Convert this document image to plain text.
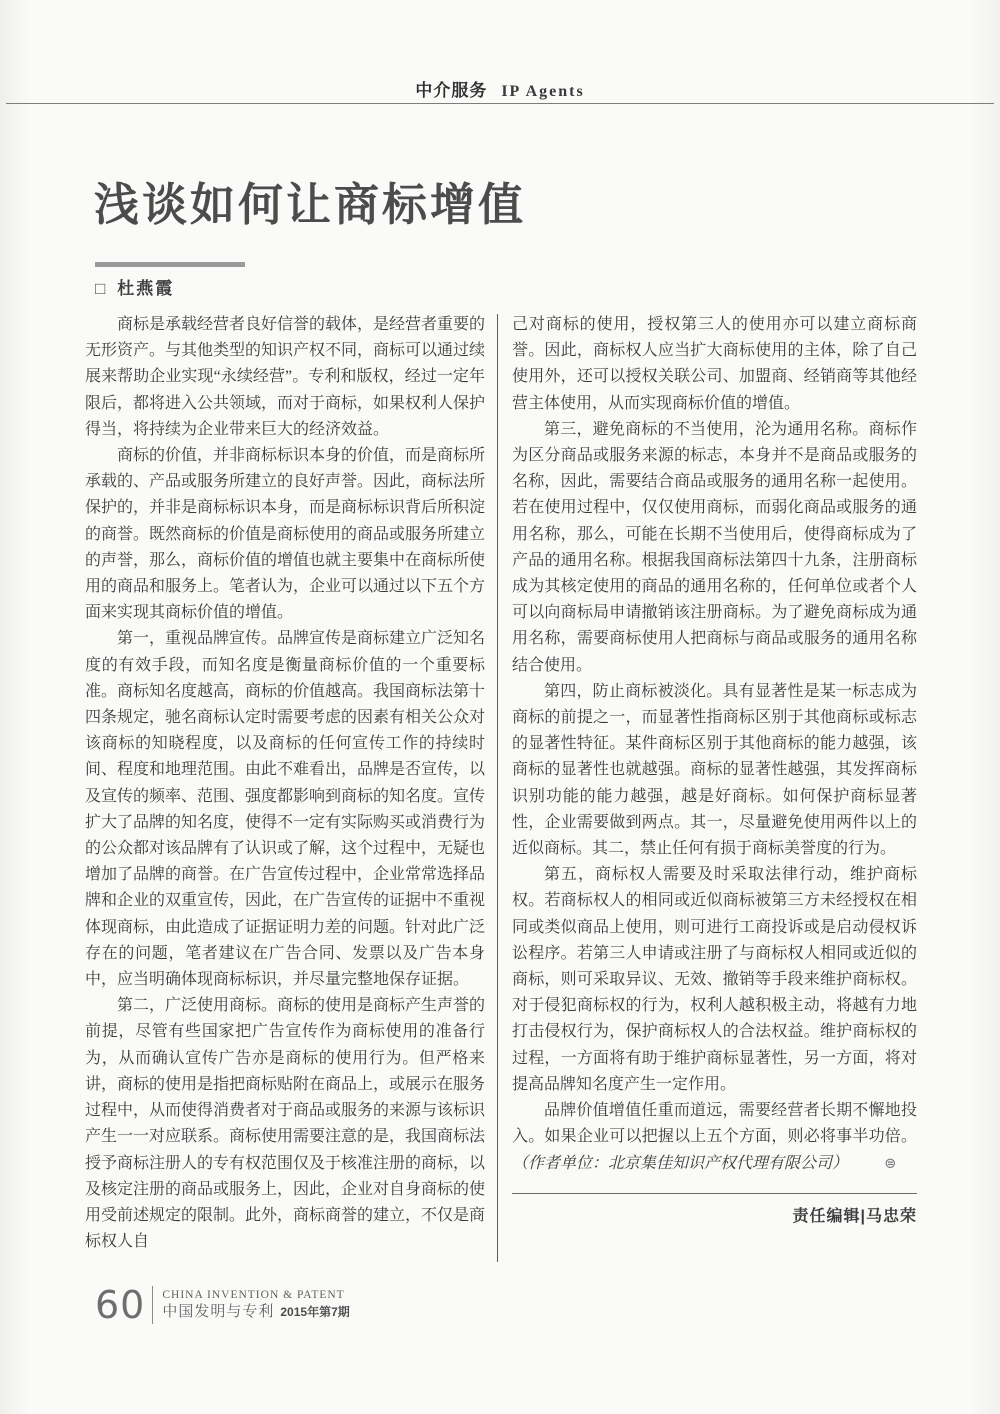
中介服务 IP Agents
浅谈如何让商标增值
□ 杜燕霞

商标是承载经营者良好信誉的载体，是经营者重要的无形资产。与其他类型的知识产权不同，商标可以通过续展来帮助企业实现“永续经营”。专利和版权，经过一定年限后，都将进入公共领域，而对于商标，如果权利人保护得当，将持续为企业带来巨大的经济效益。

商标的价值，并非商标标识本身的价值，而是商标所承载的、产品或服务所建立的良好声誉。因此，商标法所保护的，并非是商标标识本身，而是商标标识背后所积淀的商誉。既然商标的价值是商标使用的商品或服务所建立的声誉，那么，商标价值的增值也就主要集中在商标所使用的商品和服务上。笔者认为，企业可以通过以下五个方面来实现其商标价值的增值。

第一，重视品牌宣传。品牌宣传是商标建立广泛知名度的有效手段，而知名度是衡量商标价值的一个重要标准。商标知名度越高，商标的价值越高。我国商标法第十四条规定，驰名商标认定时需要考虑的因素有相关公众对该商标的知晓程度，以及商标的任何宣传工作的持续时间、程度和地理范围。由此不难看出，品牌是否宣传，以及宣传的频率、范围、强度都影响到商标的知名度。宣传扩大了品牌的知名度，使得不一定有实际购买或消费行为的公众都对该品牌有了认识或了解，这个过程中，无疑也增加了品牌的商誉。在广告宣传过程中，企业常常选择品牌和企业的双重宣传，因此，在广告宣传的证据中不重视体现商标，由此造成了证据证明力差的问题。针对此广泛存在的问题，笔者建议在广告合同、发票以及广告本身中，应当明确体现商标标识，并尽量完整地保存证据。

第二，广泛使用商标。商标的使用是商标产生声誉的前提，尽管有些国家把广告宣传作为商标使用的准备行为，从而确认宣传广告亦是商标的使用行为。但严格来讲，商标的使用是指把商标贴附在商品上，或展示在服务过程中，从而使得消费者对于商品或服务的来源与该标识产生一一对应联系。商标使用需要注意的是，我国商标法授予商标注册人的专有权范围仅及于核准注册的商标，以及核定注册的商品或服务上，因此，企业对自身商标的使用受前述规定的限制。此外，商标商誉的建立，不仅是商标权人自

己对商标的使用，授权第三人的使用亦可以建立商标商誉。因此，商标权人应当扩大商标使用的主体，除了自己使用外，还可以授权关联公司、加盟商、经销商等其他经营主体使用，从而实现商标价值的增值。

第三，避免商标的不当使用，沦为通用名称。商标作为区分商品或服务来源的标志，本身并不是商品或服务的名称，因此，需要结合商品或服务的通用名称一起使用。若在使用过程中，仅仅使用商标，而弱化商品或服务的通用名称，那么，可能在长期不当使用后，使得商标成为了产品的通用名称。根据我国商标法第四十九条，注册商标成为其核定使用的商品的通用名称的，任何单位或者个人可以向商标局申请撤销该注册商标。为了避免商标成为通用名称，需要商标使用人把商标与商品或服务的通用名称结合使用。

第四，防止商标被淡化。具有显著性是某一标志成为商标的前提之一，而显著性指商标区别于其他商标或标志的显著性特征。某件商标区别于其他商标的能力越强，该商标的显著性也就越强。商标的显著性越强，其发挥商标识别功能的能力越强，越是好商标。如何保护商标显著性，企业需要做到两点。其一，尽量避免使用两件以上的近似商标。其二，禁止任何有损于商标美誉度的行为。

第五，商标权人需要及时采取法律行动，维护商标权。若商标权人的相同或近似商标被第三方未经授权在相同或类似商品上使用，则可进行工商投诉或是启动侵权诉讼程序。若第三人申请或注册了与商标权人相同或近似的商标，则可采取异议、无效、撤销等手段来维护商标权。对于侵犯商标权的行为，权利人越积极主动，将越有力地打击侵权行为，保护商标权人的合法权益。维护商标权的过程，一方面将有助于维护商标显著性，另一方面，将对提高品牌知名度产生一定作用。

品牌价值增值任重而道远，需要经营者长期不懈地投入。如果企业可以把握以上五个方面，则必将事半功倍。（作者单位：北京集佳知识产权代理有限公司） ⊜

责任编辑|马忠荣
60 CHINA INVENTION & PATENT
中国发明与专利 2015年第7期
